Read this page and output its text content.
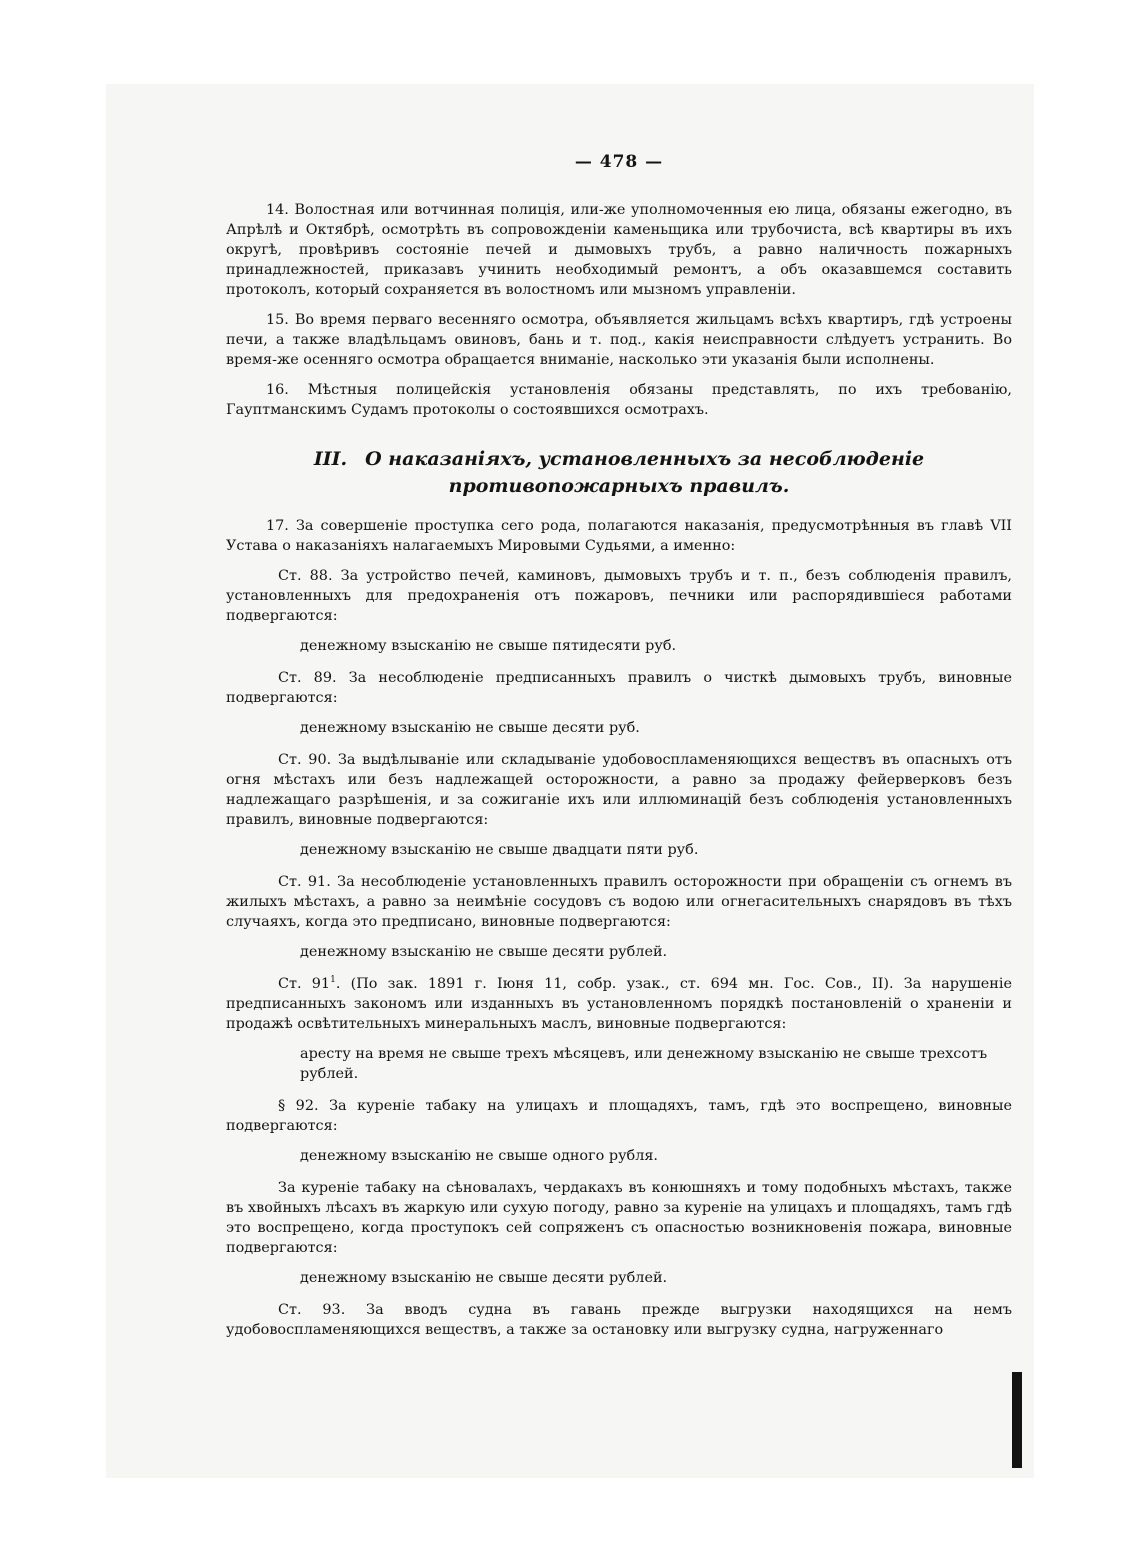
— 478 —

14. Волостная или вотчинная полиція, или-же уполномоченныя ею лица, обязаны ежегодно, въ Апрѣлѣ и Октябрѣ, осмотрѣть въ сопровожденіи каменьщика или трубочиста, всѣ квартиры въ ихъ округѣ, провѣривъ состояніе печей и дымовыхъ трубъ, а равно наличность пожарныхъ принадлежностей, приказавъ учинить необходимый ремонтъ, а объ оказавшемся составить протоколъ, который сохраняется въ волостномъ или мызномъ управленіи.

15. Во время перваго весенняго осмотра, объявляется жильцамъ всѣхъ квартиръ, гдѣ устроены печи, а также владѣльцамъ овиновъ, бань и т. под., какія неисправности слѣдуетъ устранить. Во время-же осенняго осмотра обращается вниманіе, насколько эти указанія были исполнены.

16. Мѣстныя полицейскія установленія обязаны представлять, по ихъ требованію, Гауптманскимъ Судамъ протоколы о состоявшихся осмотрахъ.

III. О наказаніяхъ, установленныхъ за несоблюденіе противопожарныхъ правилъ.

17. За совершеніе проступка сего рода, полагаются наказанія, предусмотрѣнныя въ главѣ VII Устава о наказаніяхъ налагаемыхъ Мировыми Судьями, а именно:

Ст. 88. За устройство печей, каминовъ, дымовыхъ трубъ и т. п., безъ соблюденія правилъ, установленныхъ для предохраненія отъ пожаровъ, печники или распорядившіеся работами подвергаются:

денежному взысканію не свыше пятидесяти руб.

Ст. 89. За несоблюденіе предписанныхъ правилъ о чисткѣ дымовыхъ трубъ, виновные подвергаются:

денежному взысканію не свыше десяти руб.

Ст. 90. За выдѣлываніе или складываніе удобовоспламеняющихся веществъ въ опасныхъ отъ огня мѣстахъ или безъ надлежащей осторожности, а равно за продажу фейерверковъ безъ надлежащаго разрѣшенія, и за сожиганіе ихъ или иллюминацій безъ соблюденія установленныхъ правилъ, виновные подвергаются:

денежному взысканію не свыше двадцати пяти руб.

Ст. 91. За несоблюденіе установленныхъ правилъ осторожности при обращеніи съ огнемъ въ жилыхъ мѣстахъ, а равно за неимѣніе сосудовъ съ водою или огнегасительныхъ снарядовъ въ тѣхъ случаяхъ, когда это предписано, виновные подвергаются:

денежному взысканію не свыше десяти рублей.

Ст. $91^1$. (По зак. 1891 г. Іюня 11, собр. узак., ст. 694 мн. Гос. Сов., II). За нарушеніе предписанныхъ закономъ или изданныхъ въ установленномъ порядкѣ постановленій о храненіи и продажѣ освѣтительныхъ минеральныхъ маслъ, виновные подвергаются:

аресту на время не свыше трехъ мѣсяцевъ, или денежному взысканію не свыше трехсотъ рублей.

§ 92. За куреніе табаку на улицахъ и площадяхъ, тамъ, гдѣ это воспрещено, виновные подвергаются:

денежному взысканію не свыше одного рубля.

За куреніе табаку на сѣновалахъ, чердакахъ въ конюшняхъ и тому подобныхъ мѣстахъ, также въ хвойныхъ лѣсахъ въ жаркую или сухую погоду, равно за куреніе на улицахъ и площадяхъ, тамъ гдѣ это воспрещено, когда проступокъ сей сопряженъ съ опасностью возникновенія пожара, виновные подвергаются:

денежному взысканію не свыше десяти рублей.

Ст. 93. За вводъ судна въ гавань прежде выгрузки находящихся на немъ удобовоспламеняющихся веществъ, а также за остановку или выгрузку судна, нагруженнаго
